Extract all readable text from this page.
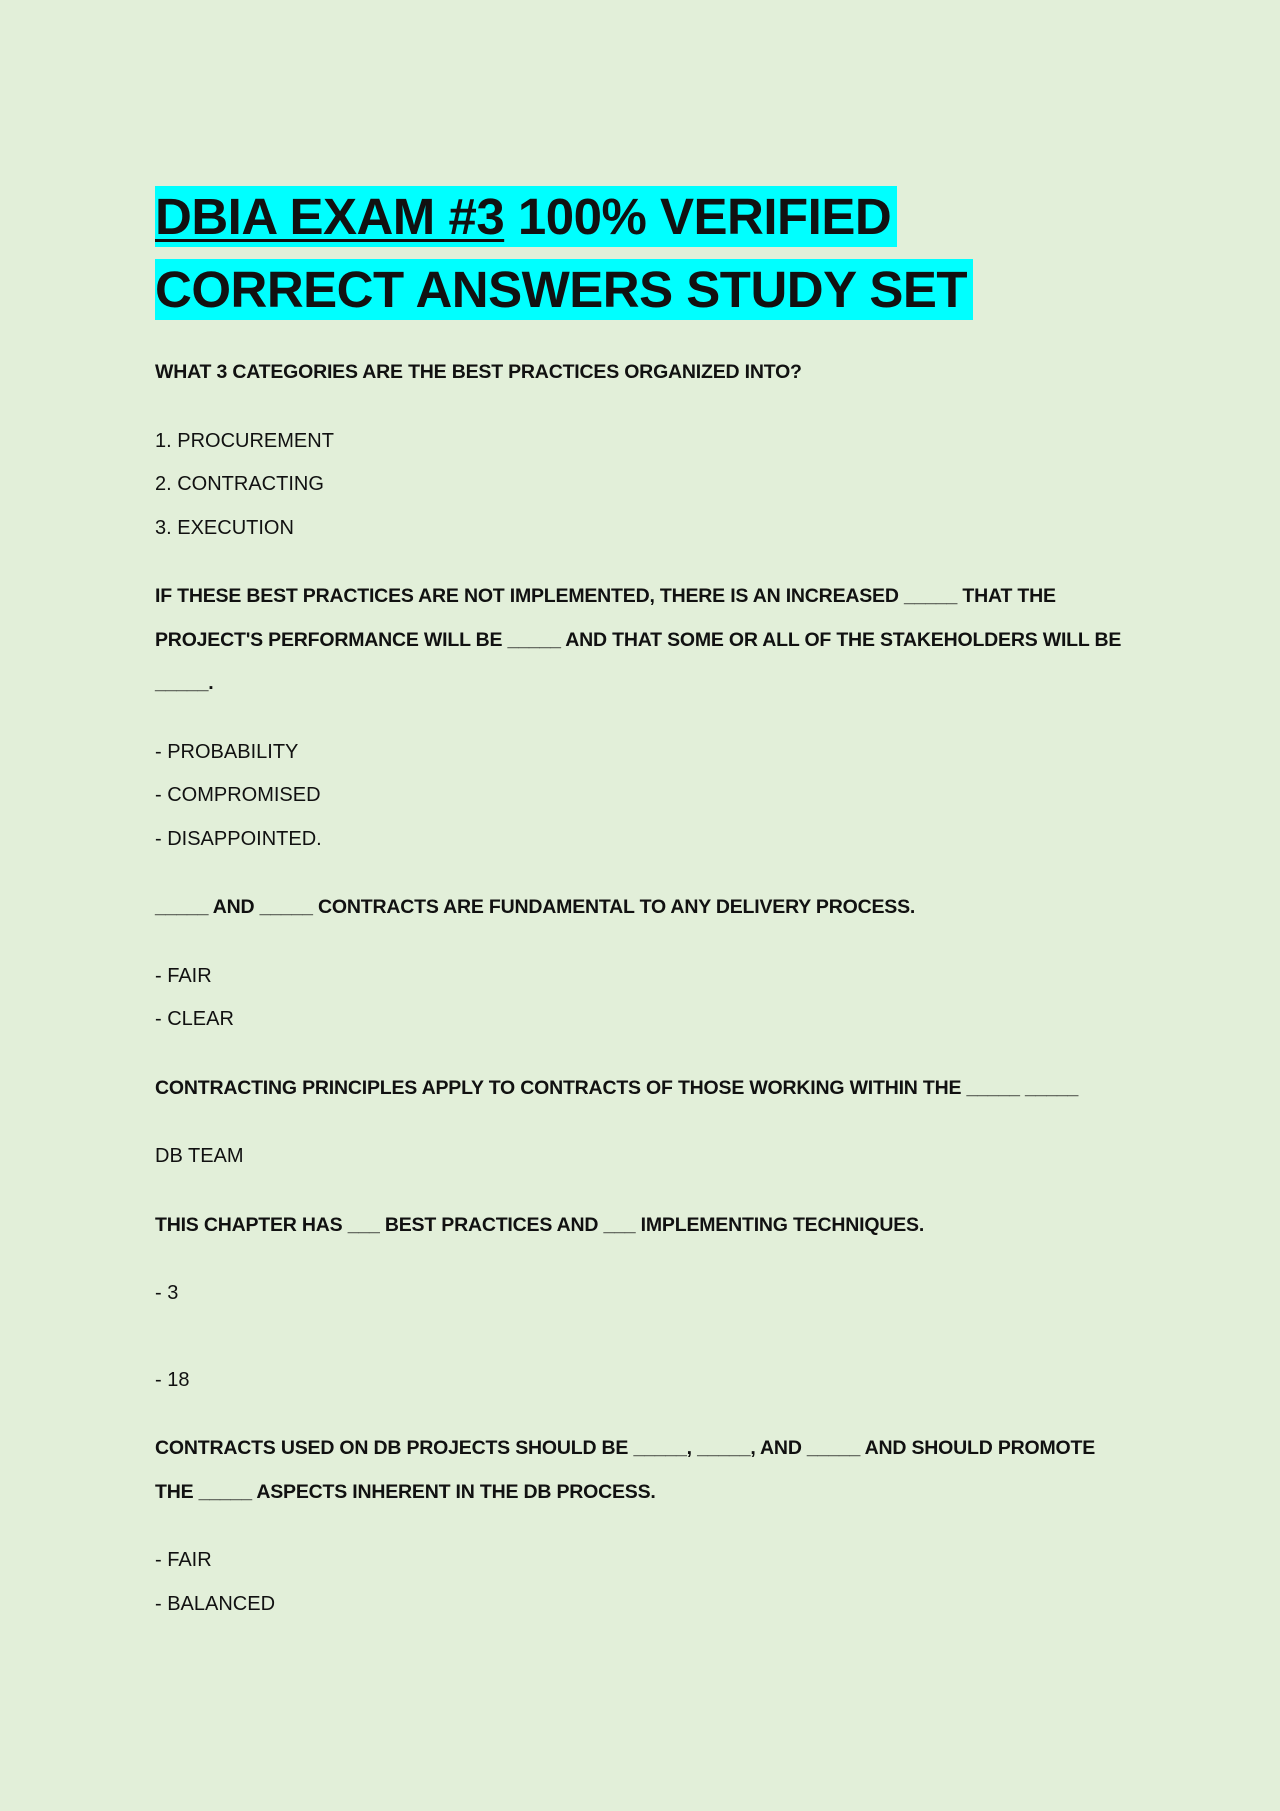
DBIA EXAM #3 100% VERIFIED
CORRECT ANSWERS STUDY SET

WHAT 3 CATEGORIES ARE THE BEST PRACTICES ORGANIZED INTO?

1. PROCUREMENT

2. CONTRACTING

3. EXECUTION

IF THESE BEST PRACTICES ARE NOT IMPLEMENTED, THERE IS AN INCREASED _____ THAT THE

PROJECT'S PERFORMANCE WILL BE _____ AND THAT SOME OR ALL OF THE STAKEHOLDERS WILL BE

_____.

- PROBABILITY

- COMPROMISED

- DISAPPOINTED.

_____ AND _____ CONTRACTS ARE FUNDAMENTAL TO ANY DELIVERY PROCESS.

- FAIR

- CLEAR

CONTRACTING PRINCIPLES APPLY TO CONTRACTS OF THOSE WORKING WITHIN THE _____ _____

DB TEAM

THIS CHAPTER HAS ___ BEST PRACTICES AND ___ IMPLEMENTING TECHNIQUES.

- 3

- 18

CONTRACTS USED ON DB PROJECTS SHOULD BE _____, _____, AND _____ AND SHOULD PROMOTE

THE _____ ASPECTS INHERENT IN THE DB PROCESS.

- FAIR

- BALANCED
